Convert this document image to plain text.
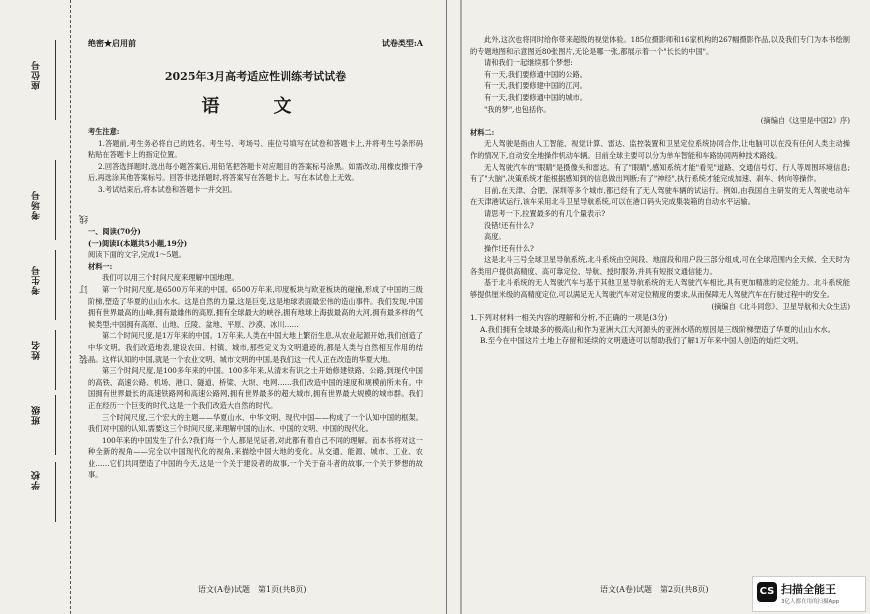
座位号
考场号
考生号
姓名
班级
学校
线
订
装
绝密★启用前	试卷类型:A
2025年3月高考适应性训练考试试卷
语　文

考生注意:

1.答题前,考生务必将自己的姓名、考生号、考场号、座位号填写在试卷和答题卡上,并将考生号条形码粘贴在答题卡上的指定位置。

2.回答选择题时,选出每小题答案后,用铅笔把答题卡对应题目的答案标号涂黑。如需改动,用橡皮擦干净后,再选涂其他答案标号。回答非选择题时,将答案写在答题卡上。写在本试卷上无效。

3.考试结束后,将本试卷和答题卡一并交回。

一、阅读(70分)

(一)阅读Ⅰ(本题共5小题,19分)

阅读下面的文字,完成1～5题。

材料一:

我们可以用三个时间尺度来理解中国地理。

第一个时间尺度,是6500万年来的中国。6500万年来,印度板块与欧亚板块的碰撞,形成了中国的三级阶梯,塑造了华夏的山山水水。这是自然的力量,这是巨变,这是地球表面最宏伟的造山事件。我们发现,中国拥有世界最高的山峰,拥有最雄伟的高原,拥有全球最大的峡谷,拥有地球上海拔最高的大河,拥有最多样的气候类型;中国拥有高原、山地、丘陵、盆地、平原、沙漠、冰川……

第二个时间尺度,是1万年来的中国。1万年来,人类在中国大地上繁衍生息,从农业起源开始,我们创造了中华文明。我们改造地表,建设农田、村镇、城市,那些定义为文明遗迹的,都是人类与自然相互作用的结晶。这样认知的中国,就是一个农业文明、城市文明的中国,是我们这一代人正在改造的华夏大地。

第三个时间尺度,是100多年来的中国。100多年来,从清末有识之士开始修建铁路、公路,到现代中国的高铁、高速公路、机场、港口、隧道、桥梁、大坝、电网……我们改造中国的速度和规模前所未有。中国拥有世界最长的高速铁路网和高速公路网,拥有世界最多的超大城市,拥有世界最大规模的城市群。我们正在经历一个巨变的时代,这是一个我们改造大自然的时代。

三个时间尺度,三个宏大的主题——华夏山水、中华文明、现代中国——构成了一个认知中国的框架。我们对中国的认知,需要这三个时间尺度,来理解中国的山水、中国的文明、中国的现代化。

100年来的中国发生了什么?我们每一个人,都是见证者,对此都有着自己不同的理解。而本书将对这一种全新的视角——完全以中国现代化的视角,来描绘中国大地的变化。从交通、能源、城市、工业、农业……它们共同塑造了中国的今天,这是一个关于建设者的故事,一个关于奋斗者的故事,一个关于梦想的故事。

语文(A卷)试题　第1页(共8页)

此外,这次也将同时给你带来超级的视觉体验。185位摄影师和16家机构的267幅摄影作品,以及我们专门为本书绘制的专题地图和示意图近80张图片,无论是哪一张,都展示着一个"长长的中国"。

请和我们一起继续那个梦想:

有一天,我们要修通中国的公路。

有一天,我们要修建中国的江河。

有一天,我们要修通中国的城市。

"我的梦",也包括你。

(摘编自《这里是中国2》序)

材料二:

无人驾驶是指由人工智能、视觉计算、雷达、监控装置和卫星定位系统协同合作,让电脑可以在没有任何人类主动操作的情况下,自动安全地操作机动车辆。目前全球主要可以分为单车智能和车路协同两种技术路线。

无人驾驶汽车的"眼睛"是摄像头和雷达。有了"眼睛",感知系统才能"看见"道路、交通信号灯、行人等周围环境信息;有了"大脑",决策系统才能根据感知到的信息做出判断;有了"神经",执行系统才能完成加速、刹车、转向等操作。

目前,在天津、合肥、深圳等多个城市,都已经有了无人驾驶车辆的试运行。例如,由我国自主研发的无人驾驶电动车在天津港试运行,该车采用北斗卫星导航系统,可以在港口码头完成集装箱的自动水平运输。

请思考一下,拉置最多的有几个量表示?

没错!还有什么?

高度。

操作!还有什么?

这是北斗三号全球卫星导航系统,北斗系统由空间段、地面段和用户段三部分组成,可在全球范围内全天候、全天时为各类用户提供高精度、高可靠定位、导航、授时服务,并具有短报文通信能力。

基于北斗系统的无人驾驶汽车与基于其他卫星导航系统的无人驾驶汽车相比,具有更加精准的定位能力。北斗系统能够提供厘米级的高精度定位,可以满足无人驾驶汽车对定位精度的要求,从而保障无人驾驶汽车在行驶过程中的安全。

(摘编自《北斗同您》、卫星导航和大众生活)

1.下列对材料一相关内容的理解和分析,不正确的一项是(3分)

A.我们拥有全球最多的极高山和作为亚洲大江大河源头的亚洲水塔的原因是三级阶梯塑造了华夏的山山水水。

B.至今在中国这片土地上存留和延续的文明遗迹可以帮助我们了解1万年来中国人创造的灿烂文明。

语文(A卷)试题　第2页(共8页)	CS 扫描全能王
3亿人都在用的扫描App
